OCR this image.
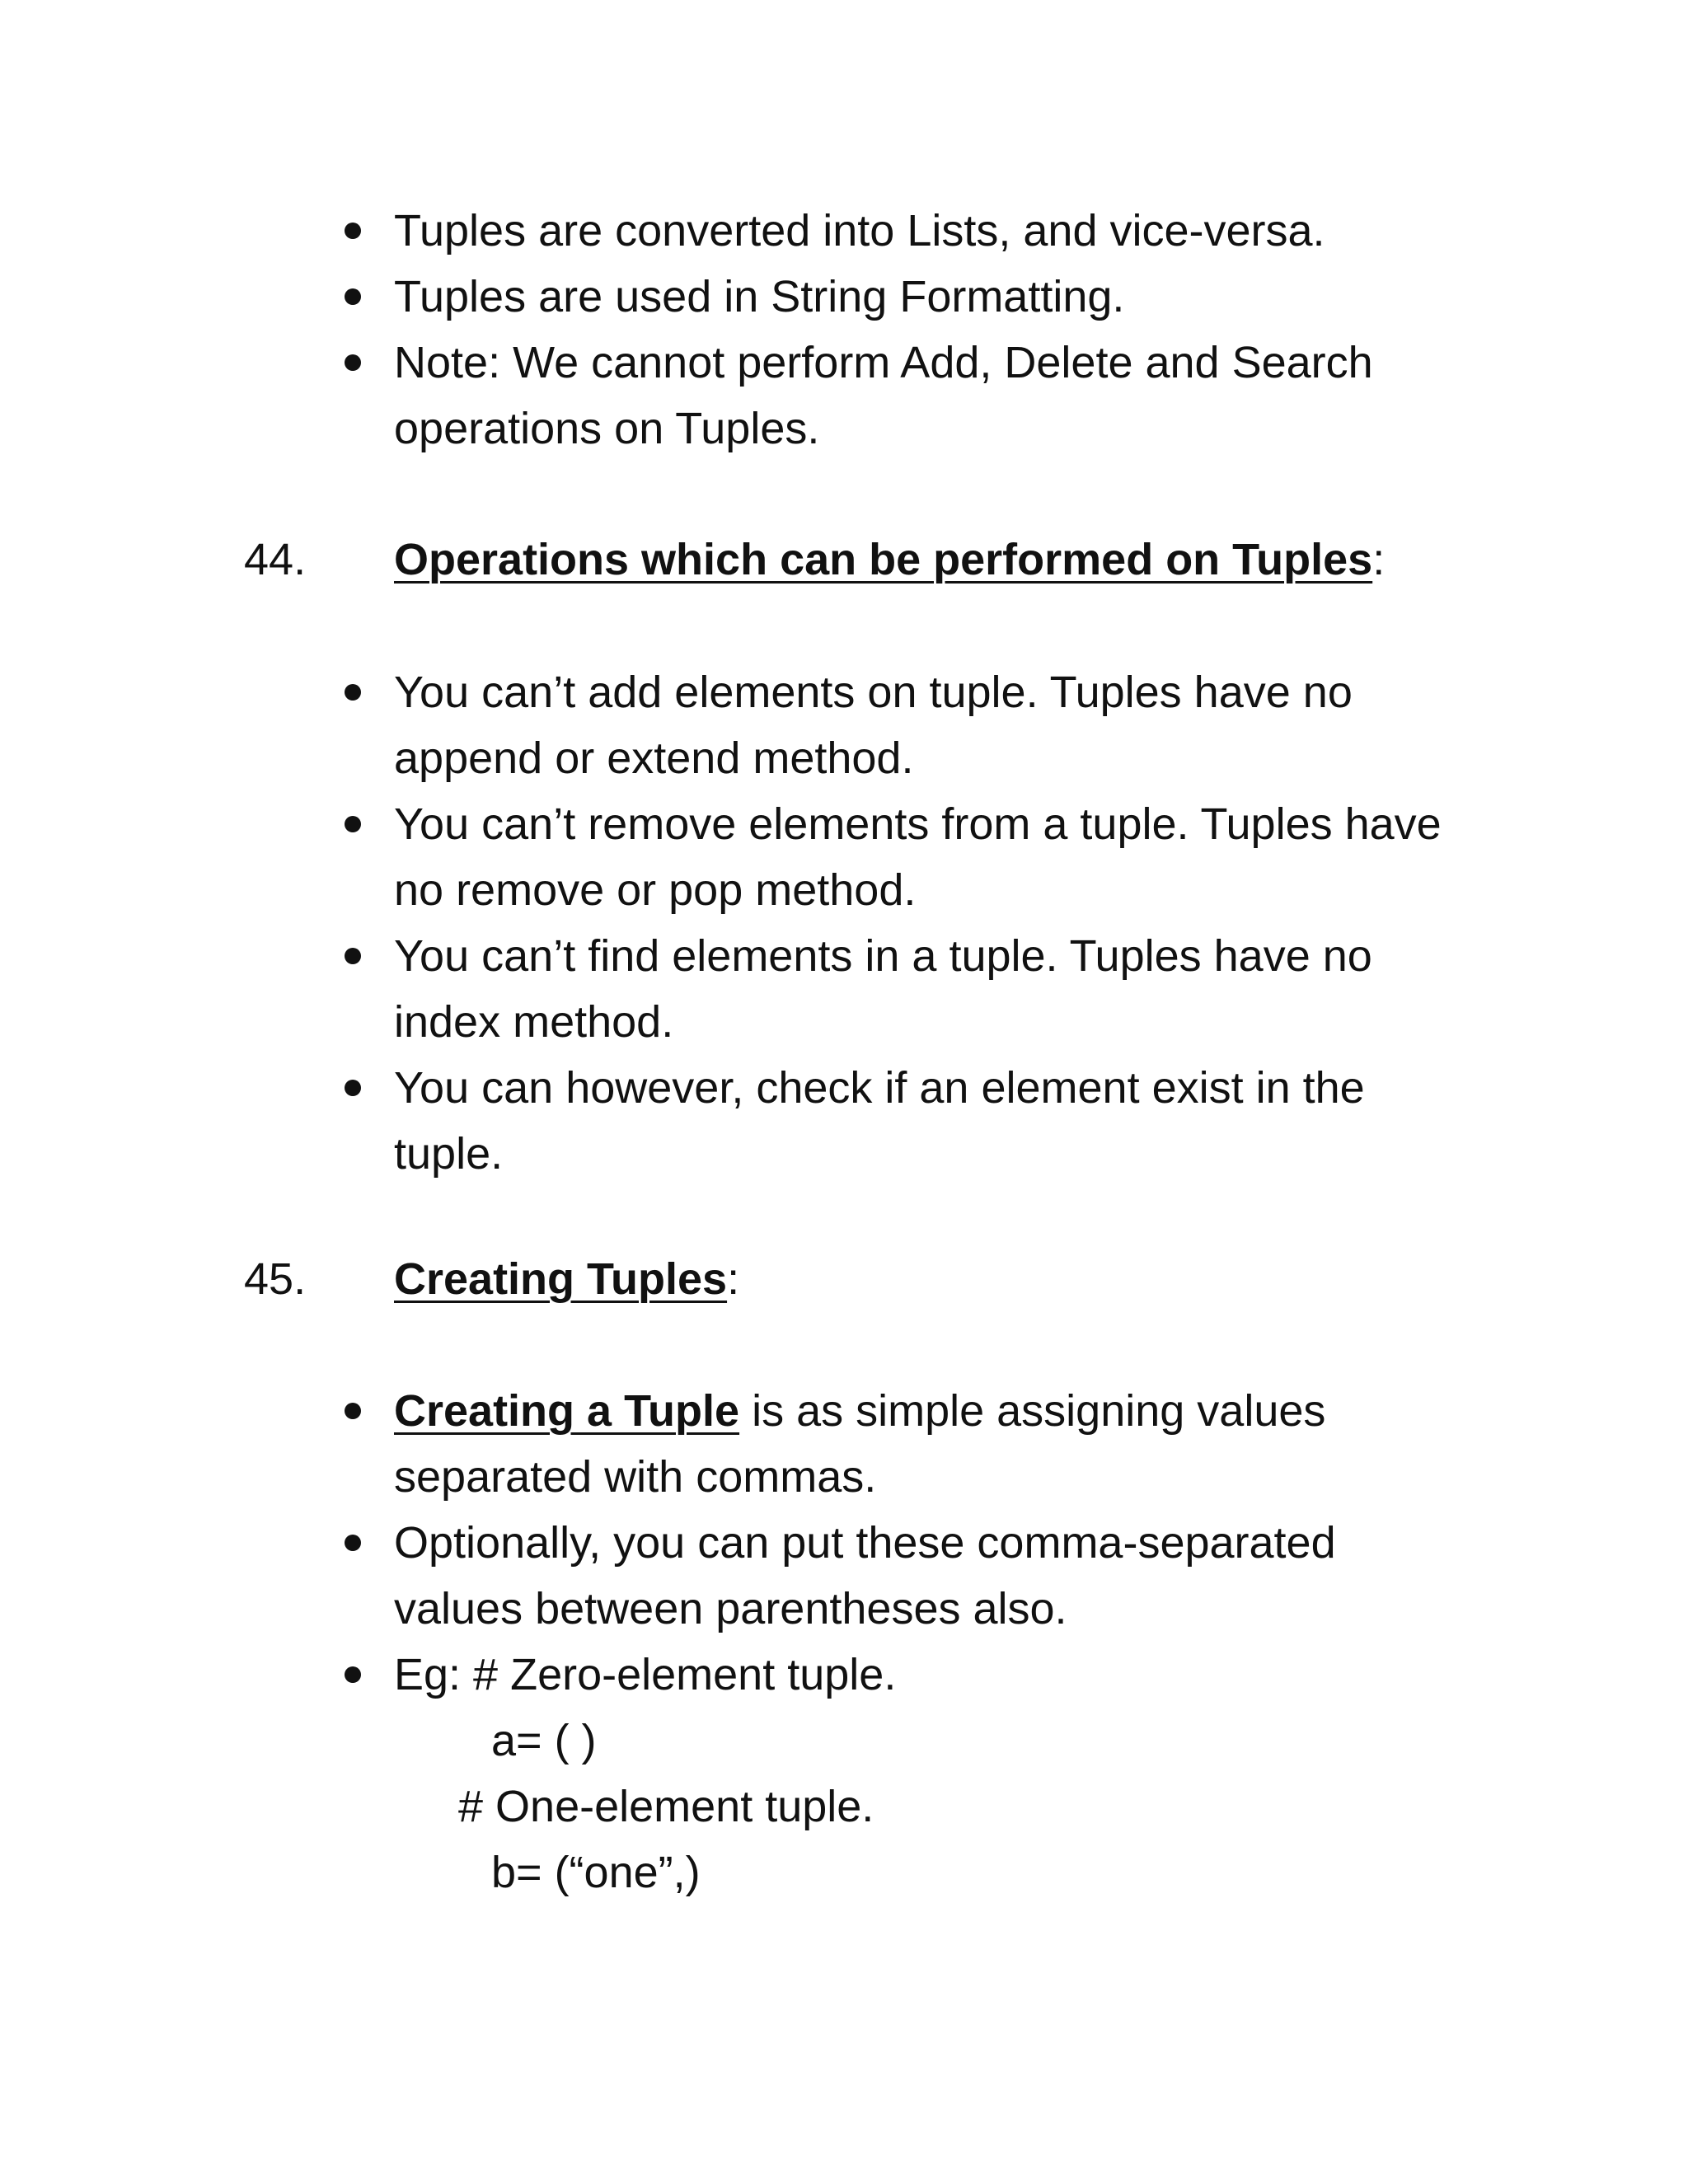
Tuples are converted into Lists, and vice-versa.
Tuples are used in String Formatting.
Note: We cannot perform Add, Delete and Search
operations on Tuples.
44. Operations which can be performed on Tuples:
You can’t add elements on tuple. Tuples have no
append or extend method.
You can’t remove elements from a tuple. Tuples have
no remove or pop method.
You can’t find elements in a tuple. Tuples have no
index method.
You can however, check if an element exist in the
tuple.
45. Creating Tuples:
Creating a Tuple is as simple assigning values
separated with commas.
Optionally, you can put these comma-separated
values between parentheses also.
Eg: # Zero-element tuple.
a= ( )
# One-element tuple.
b= (“one”,)
